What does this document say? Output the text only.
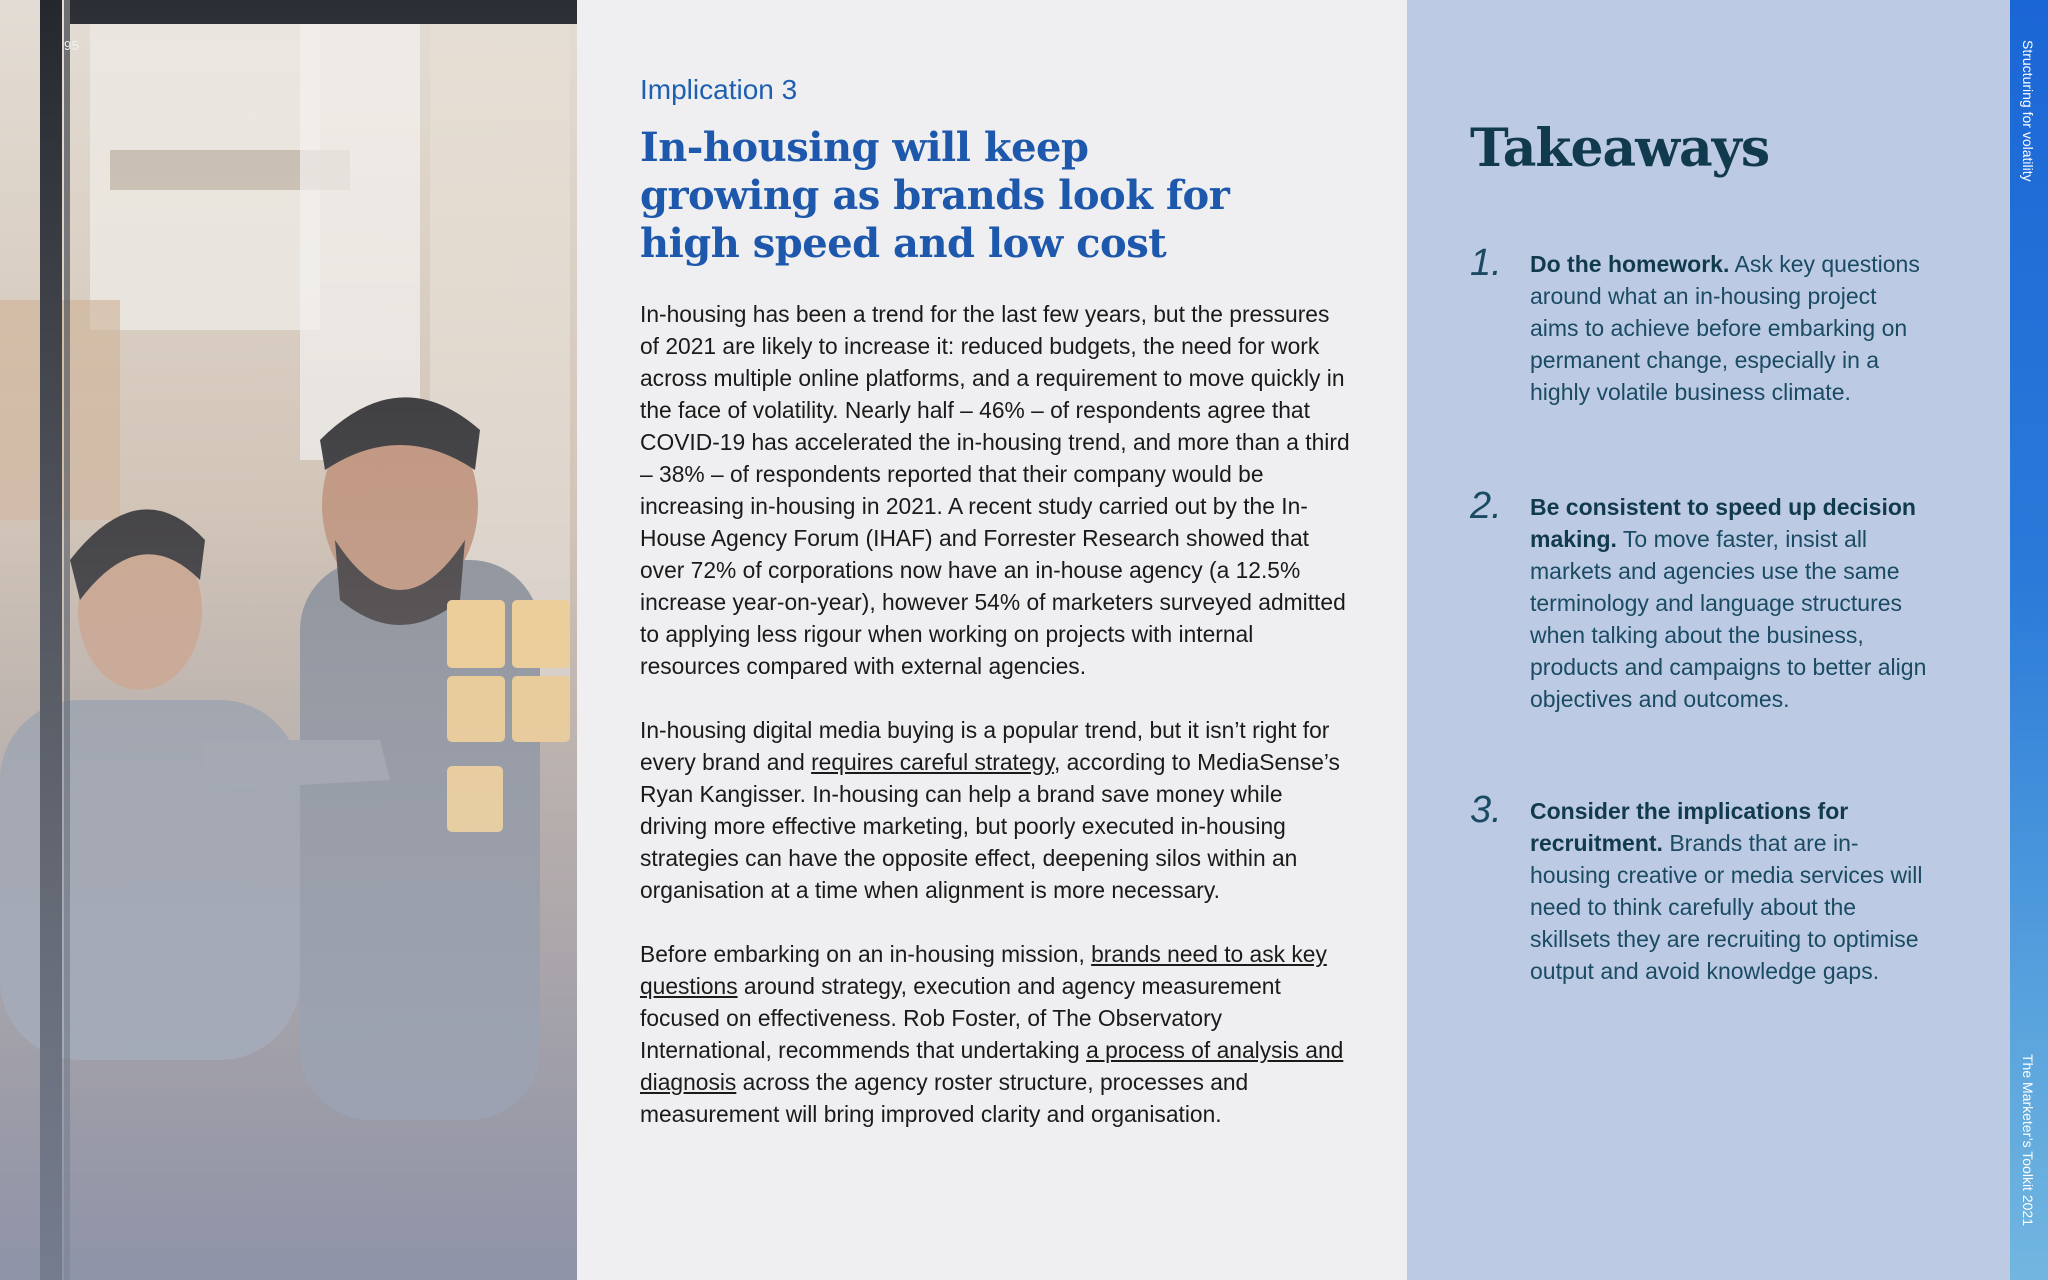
95
Implication 3
In-housing will keep growing as brands look for high speed and low cost

In-housing has been a trend for the last few years, but the pressures of 2021 are likely to increase it: reduced budgets, the need for work across multiple online platforms, and a requirement to move quickly in the face of volatility. Nearly half – 46% – of respondents agree that COVID-19 has accelerated the in-housing trend, and more than a third – 38% – of respondents reported that their company would be increasing in-housing in 2021. A recent study carried out by the In-House Agency Forum (IHAF) and Forrester Research showed that over 72% of corporations now have an in-house agency (a 12.5% increase year-on-year), however 54% of marketers surveyed admitted to applying less rigour when working on projects with internal resources compared with external agencies.

In-housing digital media buying is a popular trend, but it isn’t right for every brand and requires careful strategy, according to MediaSense’s Ryan Kangisser. In-housing can help a brand save money while driving more effective marketing, but poorly executed in-housing strategies can have the opposite effect, deepening silos within an organisation at a time when alignment is more necessary.

Before embarking on an in-housing mission, brands need to ask key questions around strategy, execution and agency measurement focused on effectiveness. Rob Foster, of The Observatory International, recommends that undertaking a process of analysis and diagnosis across the agency roster structure, processes and measurement will bring improved clarity and organisation.

Takeaways
1. Do the homework. Ask key questions around what an in-housing project aims to achieve before embarking on permanent change, especially in a highly volatile business climate.
2. Be consistent to speed up decision making. To move faster, insist all markets and agencies use the same terminology and language structures when talking about the business, products and campaigns to better align objectives and outcomes.
3. Consider the implications for recruitment. Brands that are in-housing creative or media services will need to think carefully about the skillsets they are recruiting to optimise output and avoid knowledge gaps.
Structuring for volatility
The Marketer’s Toolkit 2021
